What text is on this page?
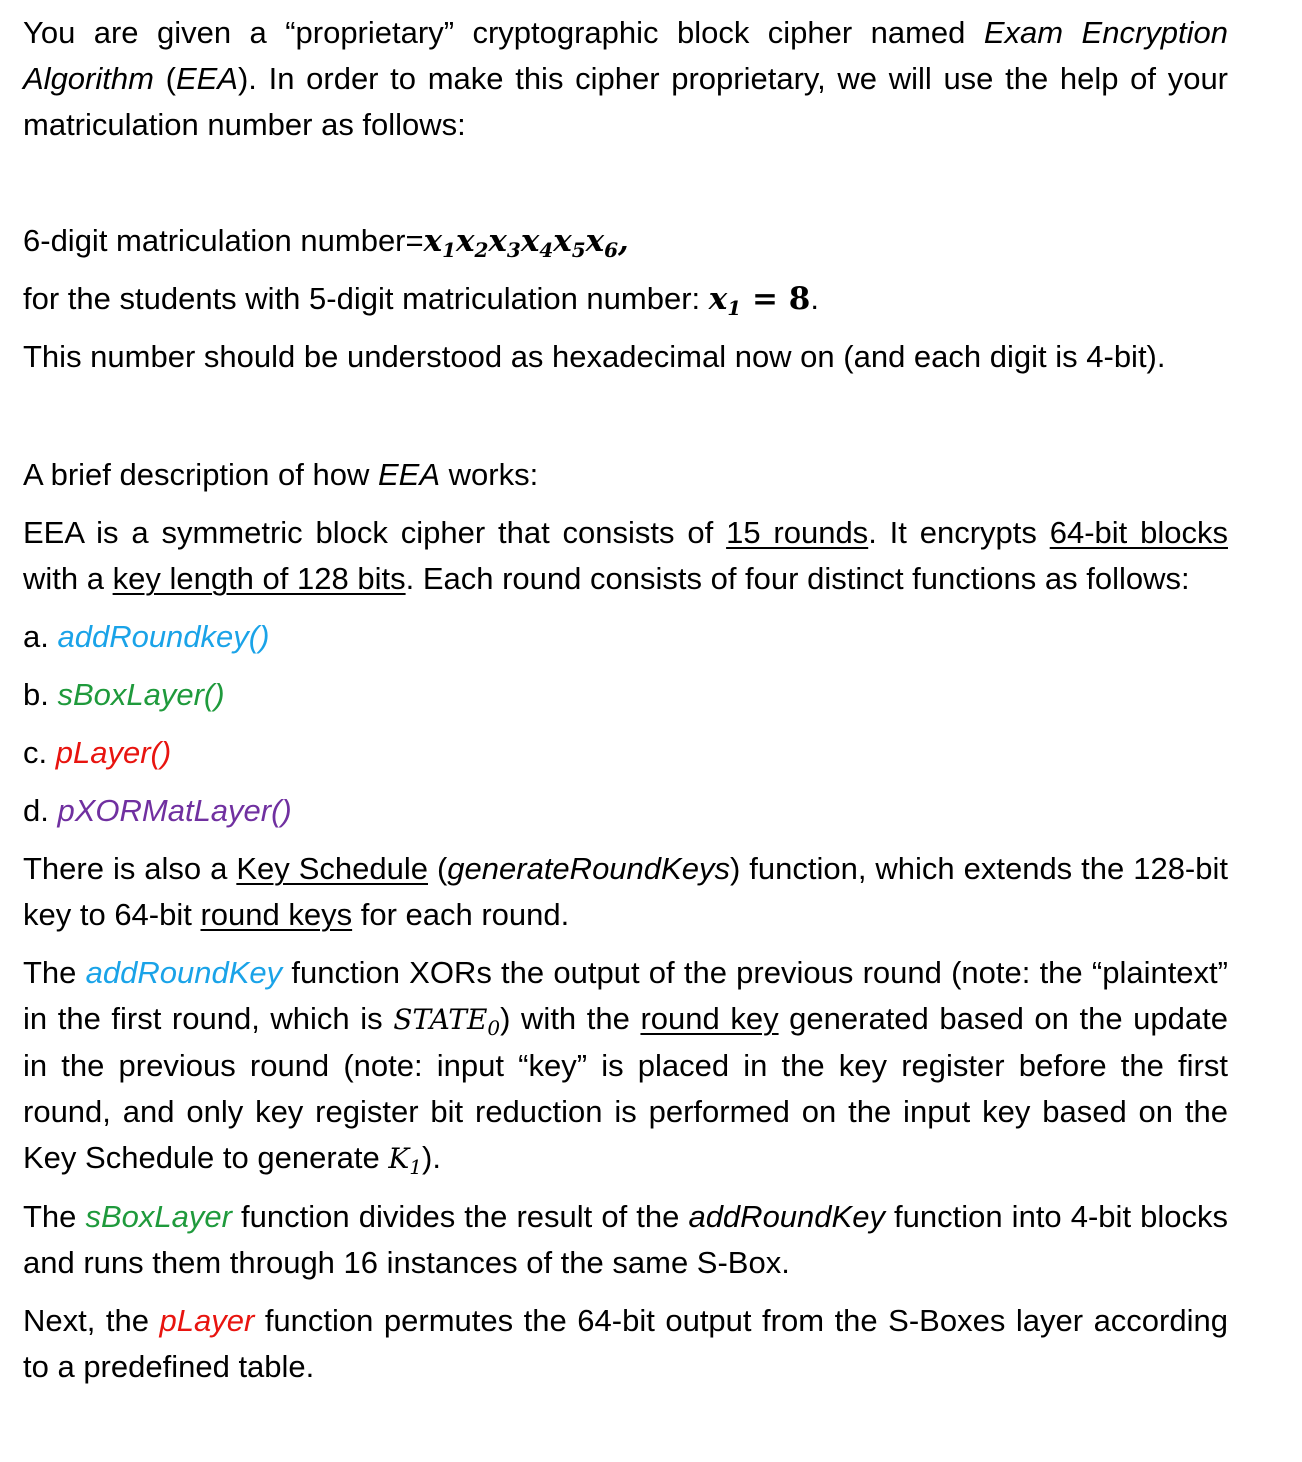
You are given a “proprietary” cryptographic block cipher named Exam Encryption Algorithm (EEA). In order to make this cipher proprietary, we will use the help of your matriculation number as follows:

6-digit matriculation $number=x_1x_2x_3x_4x_5x_6$,

for the students with 5-digit matriculation number: $x_1 = 8$.

This number should be understood as hexadecimal now on (and each digit is 4-bit).

A brief description of how EEA works:

EEA is a symmetric block cipher that consists of 15 rounds. It encrypts 64-bit blocks with a key length of 128 bits. Each round consists of four distinct functions as follows:

a. addRoundkey()

b. sBoxLayer()

c. pLayer()

d. pXORMatLayer()

There is also a Key Schedule (generateRoundKeys) function, which extends the 128-bit key to 64-bit round keys for each round.

The addRoundKey function XORs the output of the previous round (note: the “plaintext” in the first round, which is $STATE_0$) with the round key generated based on the update in the previous round (note: input “key” is placed in the key register before the first round, and only key register bit reduction is performed on the input key based on the Key Schedule to generate $K_1$).

The sBoxLayer function divides the result of the addRoundKey function into 4-bit blocks and runs them through 16 instances of the same S-Box.

Next, the pLayer function permutes the 64-bit output from the S-Boxes layer according to a predefined table.
